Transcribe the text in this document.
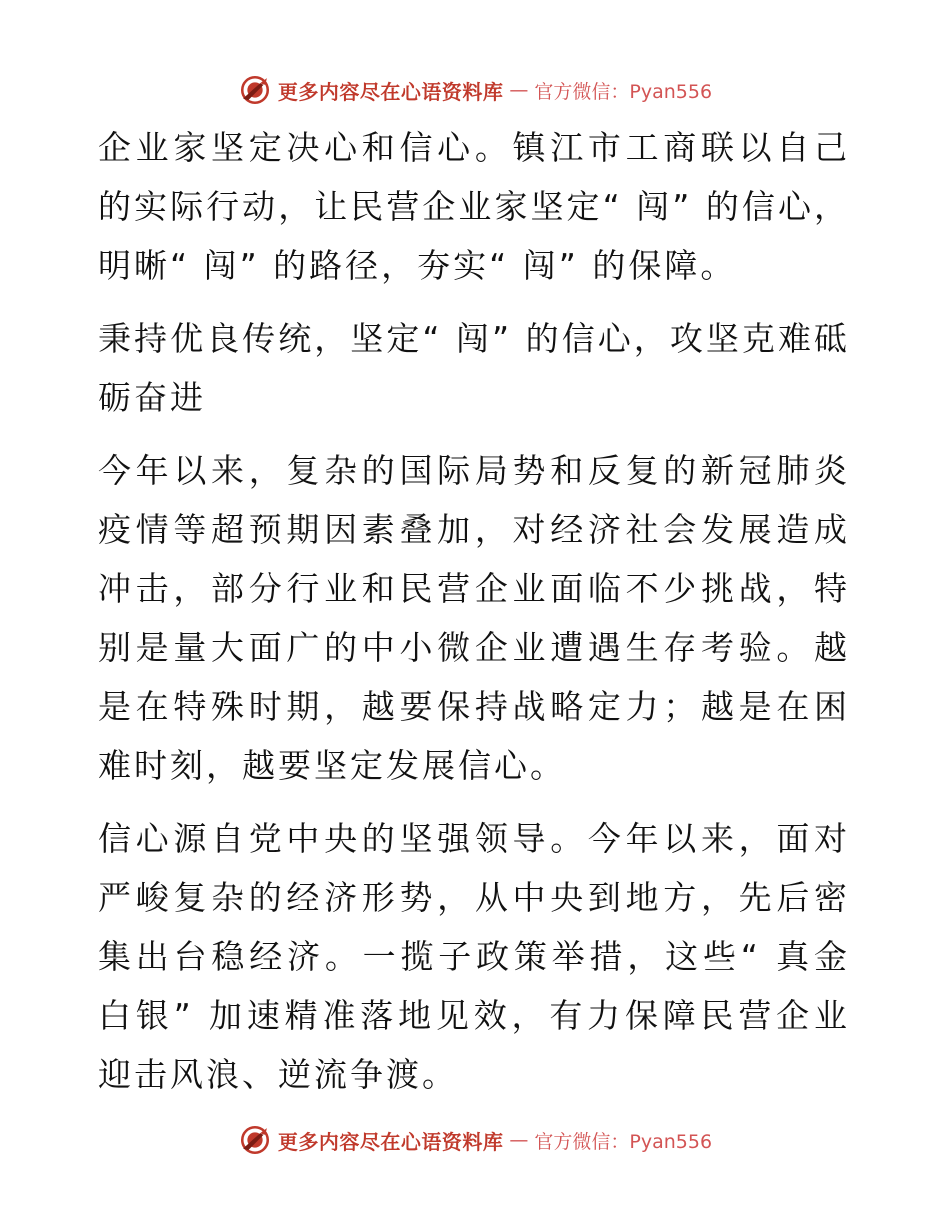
更多内容尽在心语资料库 — 官方微信：Pyan556

企业家坚定决心和信心。镇江市工商联以自己的实际行动，让民营企业家坚定“ 闯” 的信心，明晰“ 闯” 的路径，夯实“ 闯” 的保障。

秉持优良传统，坚定“ 闯” 的信心，攻坚克难砥砺奋进

今年以来，复杂的国际局势和反复的新冠肺炎疫情等超预期因素叠加，对经济社会发展造成冲击，部分行业和民营企业面临不少挑战，特别是量大面广的中小微企业遭遇生存考验。越是在特殊时期，越要保持战略定力；越是在困难时刻，越要坚定发展信心。

信心源自党中央的坚强领导。今年以来，面对严峻复杂的经济形势，从中央到地方，先后密集出台稳经济。一揽子政策举措，这些“ 真金白银” 加速精准落地见效，有力保障民营企业迎击风浪、逆流争渡。

更多内容尽在心语资料库 — 官方微信：Pyan556
